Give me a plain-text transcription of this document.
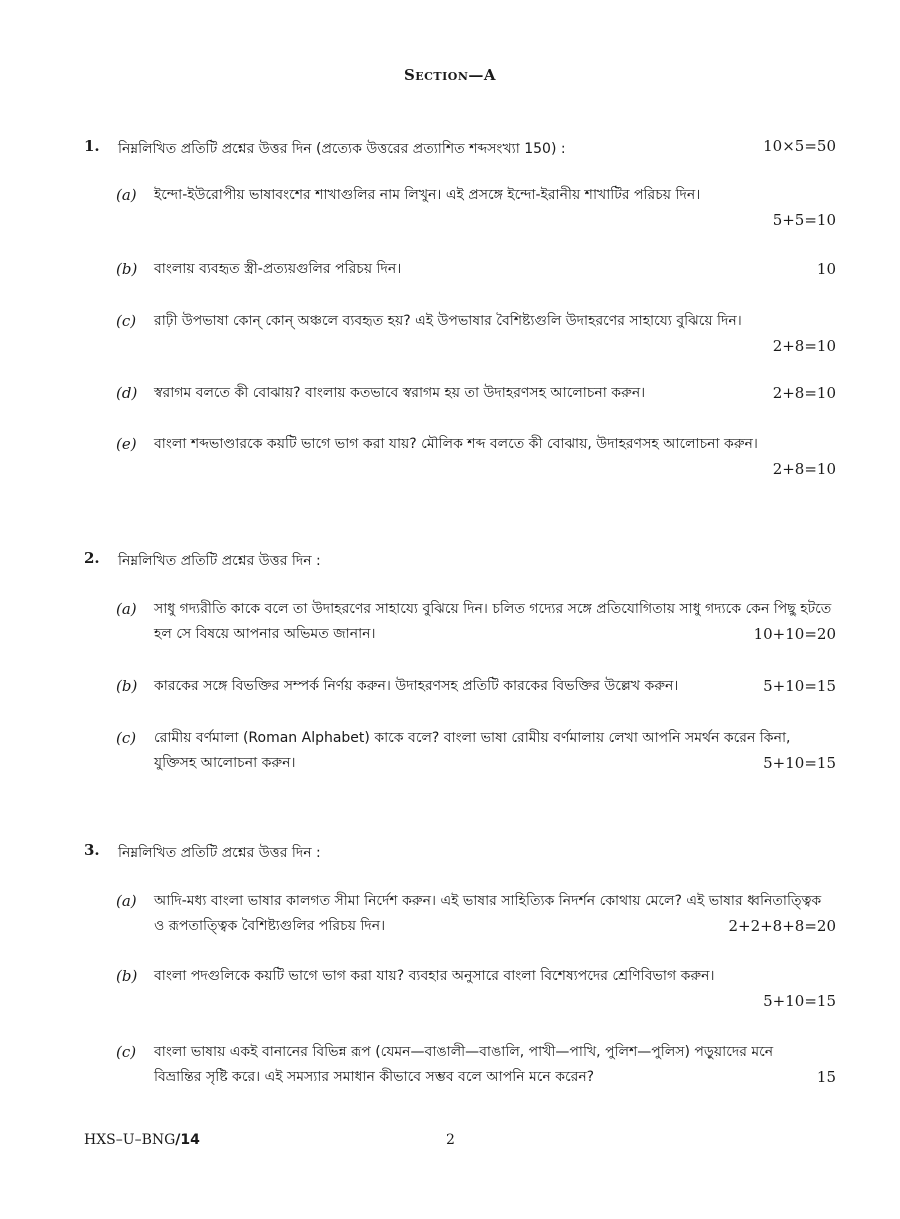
Section—A
1. নিম্নলিখিত প্রতিটি প্রশ্নের উত্তর দিন (প্রত্যেক উত্তরের প্রত্যাশিত শব্দসংখ্যা 150) :	10×5=50
(a) ইন্দো-ইউরোপীয় ভাষাবংশের শাখাগুলির নাম লিখুন। এই প্রসঙ্গে ইন্দো-ইরানীয় শাখাটির পরিচয় দিন।
5+5=10
(b) বাংলায় ব্যবহৃত স্ত্রী-প্রত্যয়গুলির পরিচয় দিন।	10
(c) রাঢ়ী উপভাষা কোন্ কোন্ অঞ্চলে ব্যবহৃত হয়? এই উপভাষার বৈশিষ্ট্যগুলি উদাহরণের সাহায্যে বুঝিয়ে দিন।
2+8=10
(d) স্বরাগম বলতে কী বোঝায়? বাংলায় কতভাবে স্বরাগম হয় তা উদাহরণসহ আলোচনা করুন।	2+8=10
(e) বাংলা শব্দভাণ্ডারকে কয়টি ভাগে ভাগ করা যায়? মৌলিক শব্দ বলতে কী বোঝায়, উদাহরণসহ আলোচনা করুন।
2+8=10
2. নিম্নলিখিত প্রতিটি প্রশ্নের উত্তর দিন :
(a) সাধু গদ্যরীতি কাকে বলে তা উদাহরণের সাহায্যে বুঝিয়ে দিন। চলিত গদ্যের সঙ্গে প্রতিযোগিতায় সাধু গদ্যকে কেন পিছু হটতে হল সে বিষয়ে আপনার অভিমত জানান।	10+10=20
(b) কারকের সঙ্গে বিভক্তির সম্পর্ক নির্ণয় করুন। উদাহরণসহ প্রতিটি কারকের বিভক্তির উল্লেখ করুন।	5+10=15
(c) রোমীয় বর্ণমালা (Roman Alphabet) কাকে বলে? বাংলা ভাষা রোমীয় বর্ণমালায় লেখা আপনি সমর্থন করেন কিনা, যুক্তিসহ আলোচনা করুন।	5+10=15
3. নিম্নলিখিত প্রতিটি প্রশ্নের উত্তর দিন :
(a) আদি-মধ্য বাংলা ভাষার কালগত সীমা নির্দেশ করুন। এই ভাষার সাহিত্যিক নিদর্শন কোথায় মেলে? এই ভাষার ধ্বনিতাত্ত্বিক ও রূপতাত্ত্বিক বৈশিষ্ট্যগুলির পরিচয় দিন।	2+2+8+8=20
(b) বাংলা পদগুলিকে কয়টি ভাগে ভাগ করা যায়? ব্যবহার অনুসারে বাংলা বিশেষ্যপদের শ্রেণিবিভাগ করুন।
5+10=15
(c) বাংলা ভাষায় একই বানানের বিভিন্ন রূপ (যেমন—বাঙালী—বাঙালি, পাখী—পাখি, পুলিশ—পুলিস) পড়ুয়াদের মনে বিভ্রান্তির সৃষ্টি করে। এই সমস্যার সমাধান কীভাবে সম্ভব বলে আপনি মনে করেন?	15
HXS–U–BNG/14	2
